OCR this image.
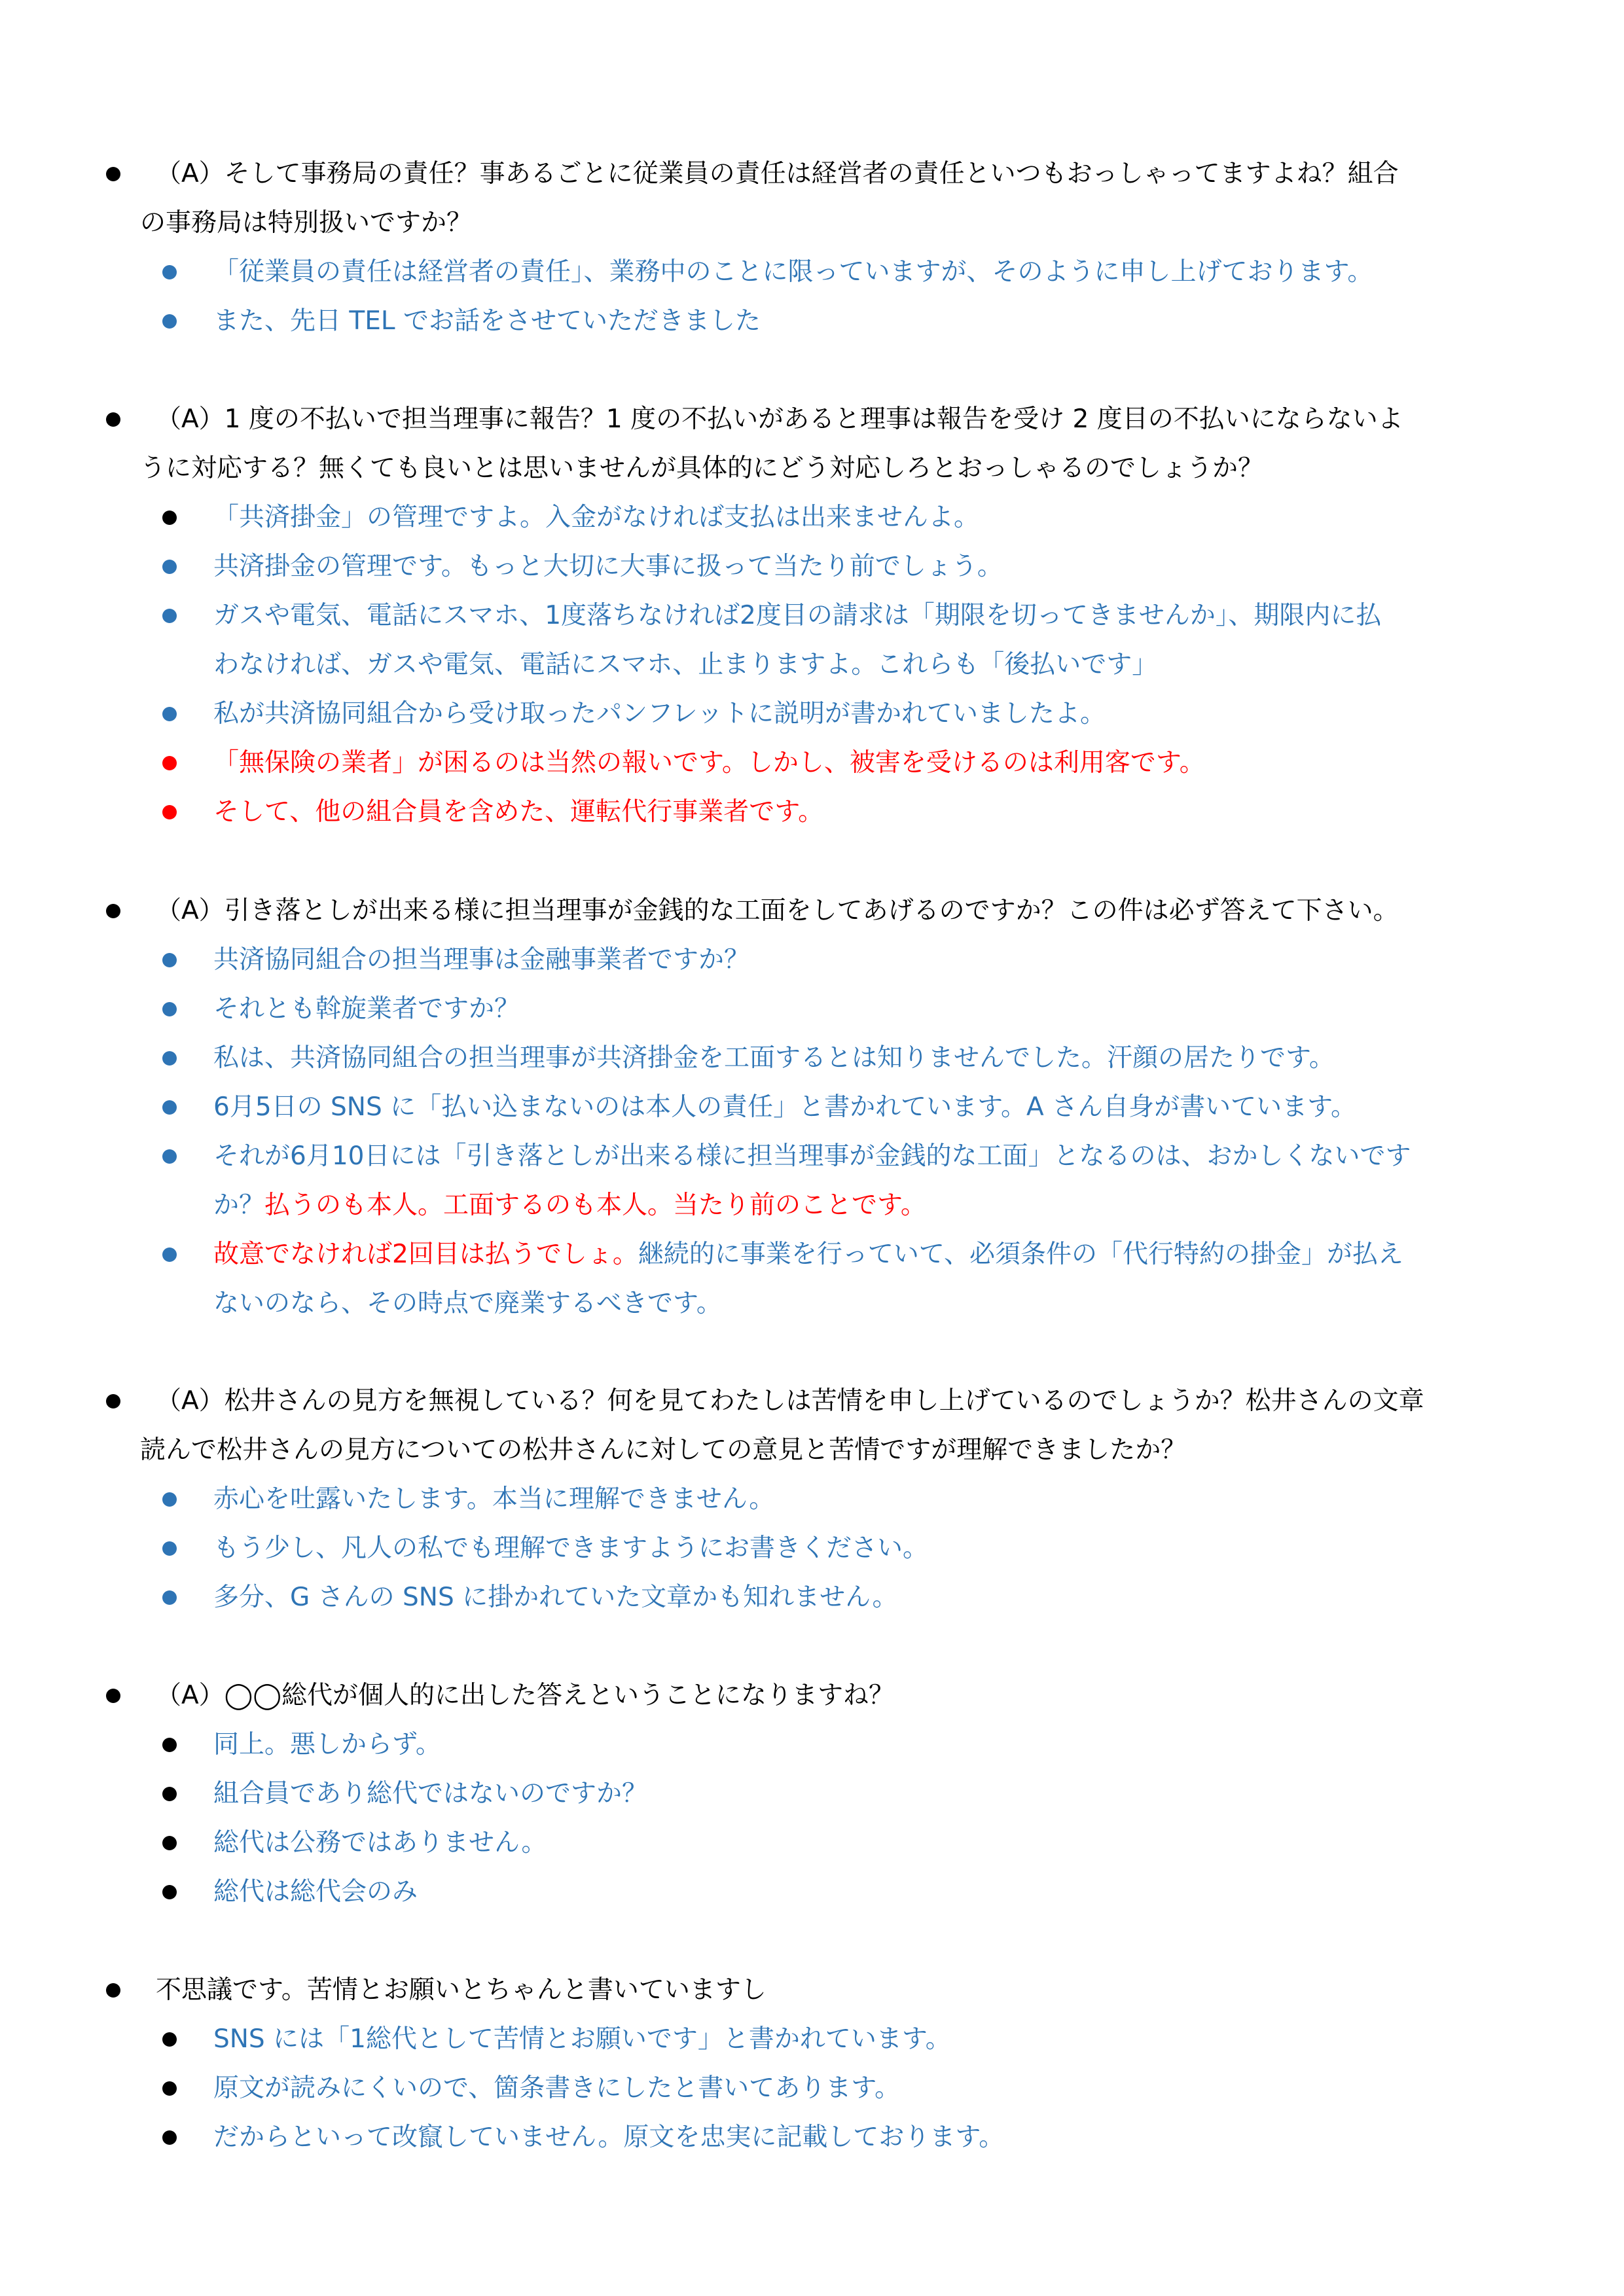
（A）そして事務局の責任？事あるごとに従業員の責任は経営者の責任といつもおっしゃってますよね？組合
の事務局は特別扱いですか？
「従業員の責任は経営者の責任」、業務中のことに限っていますが、そのように申し上げております。
また、先日 TEL でお話をさせていただきました
（A）1 度の不払いで担当理事に報告？1 度の不払いがあると理事は報告を受け 2 度目の不払いにならないよ
うに対応する？無くても良いとは思いませんが具体的にどう対応しろとおっしゃるのでしょうか？
「共済掛金」の管理ですよ。入金がなければ支払は出来ませんよ。
共済掛金の管理です。もっと大切に大事に扱って当たり前でしょう。
ガスや電気、電話にスマホ、1度落ちなければ2度目の請求は「期限を切ってきませんか」、期限内に払
わなければ、ガスや電気、電話にスマホ、止まりますよ。これらも「後払いです」
私が共済協同組合から受け取ったパンフレットに説明が書かれていましたよ。
「無保険の業者」が困るのは当然の報いです。しかし、被害を受けるのは利用客です。
そして、他の組合員を含めた、運転代行事業者です。
（A）引き落としが出来る様に担当理事が金銭的な工面をしてあげるのですか？この件は必ず答えて下さい。
共済協同組合の担当理事は金融事業者ですか？
それとも斡旋業者ですか？
私は、共済協同組合の担当理事が共済掛金を工面するとは知りませんでした。汗顔の居たりです。
6月5日の SNS に「払い込まないのは本人の責任」と書かれています。A さん自身が書いています。
それが6月10日には「引き落としが出来る様に担当理事が金銭的な工面」となるのは、おかしくないです
か？払うのも本人。工面するのも本人。当たり前のことです。
故意でなければ2回目は払うでしょ。継続的に事業を行っていて、必須条件の「代行特約の掛金」が払え
ないのなら、その時点で廃業するべきです。
（A）松井さんの見方を無視している？何を見てわたしは苦情を申し上げているのでしょうか？松井さんの文章
読んで松井さんの見方についての松井さんに対しての意見と苦情ですが理解できましたか？
赤心を吐露いたします。本当に理解できません。
もう少し、凡人の私でも理解できますようにお書きください。
多分、G さんの SNS に掛かれていた文章かも知れません。
（A）◯◯総代が個人的に出した答えということになりますね？
同上。悪しからず。
組合員であり総代ではないのですか？
総代は公務ではありません。
総代は総代会のみ
不思議です。苦情とお願いとちゃんと書いていますし
SNS には「1総代として苦情とお願いです」と書かれています。
原文が読みにくいので、箇条書きにしたと書いてあります。
だからといって改竄していません。原文を忠実に記載しております。
